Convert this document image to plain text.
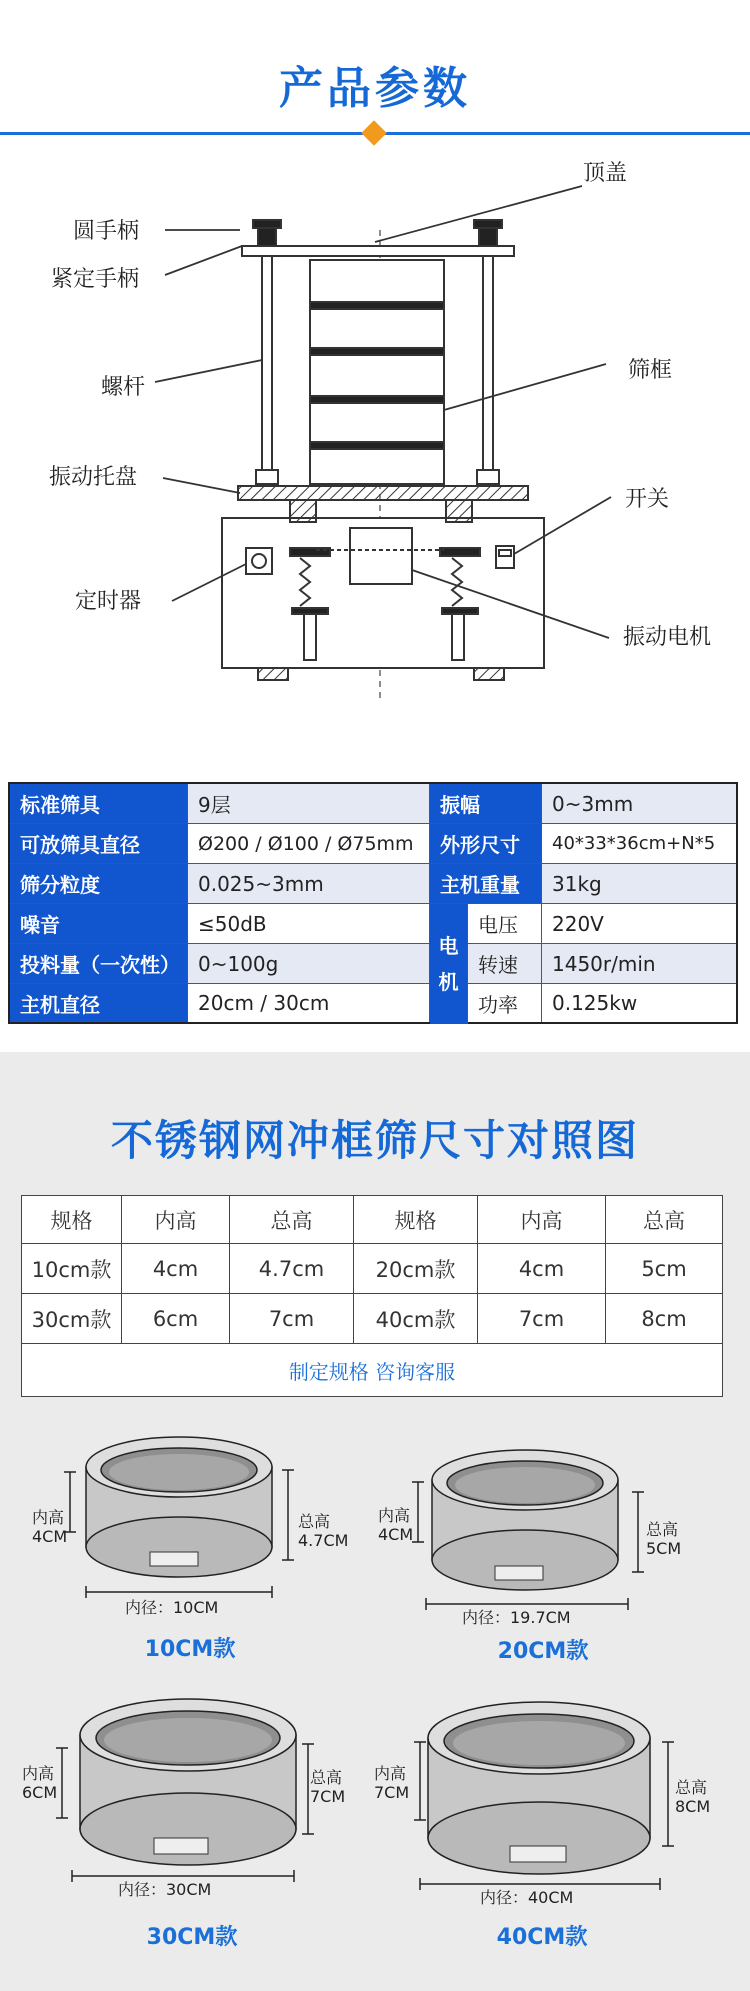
产品参数
顶盖
圆手柄
紧定手柄
螺杆
筛框
振动托盘
开关
定时器
振动电机
标准筛具	9层	振幅	0~3mm
可放筛具直径	Ø200 / Ø100 / Ø75mm	外形尺寸	40*33*36cm+N*5
筛分粒度	0.025~3mm	主机重量	31kg
噪音	≤50dB	电压	220V
投料量（一次性） 0~100g	转速	1450r/min
主机直径	20cm / 30cm	功率	0.125kw
电
机
不锈钢网冲框筛尺寸对照图
规格	内高	总高	规格	内高	总高
10cm款	4cm	4.7cm	20cm款	4cm	5cm
30cm款	6cm	7cm	40cm款	7cm	8cm
制定规格 咨询客服
内高
4CM
总高
4.7CM
内径：10CM
10CM款
内高
4CM	总高
5CM
内径：19.7CM
20CM款
内高
6CM
总高
7CM
内径：30CM
30CM款
内高
7CM	总高
8CM
内径：40CM
40CM款
